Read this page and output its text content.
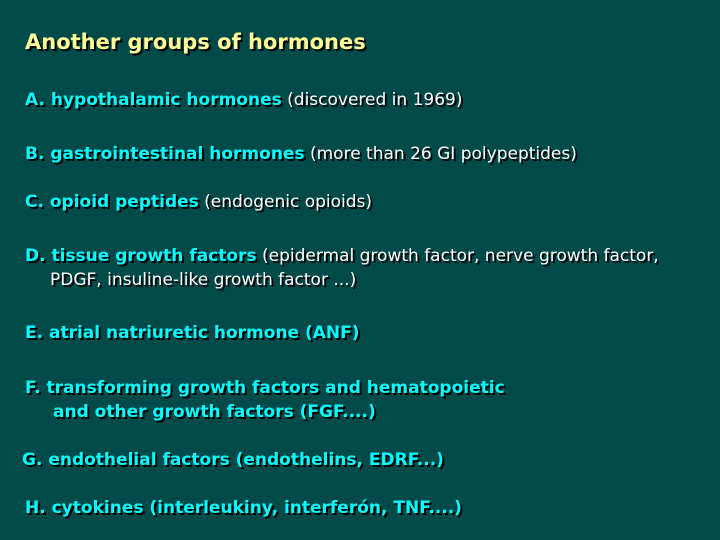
Another groups of hormones
A. hypothalamic hormones (discovered in 1969)
B. gastrointestinal hormones (more than 26 GI polypeptides)
C. opioid peptides (endogenic opioids)
D. tissue growth factors (epidermal growth factor, nerve growth factor,
PDGF, insuline-like growth factor ...)
E. atrial natriuretic hormone (ANF)
F. transforming growth factors and hematopoietic
and other growth factors (FGF....)
G. endothelial factors (endothelins, EDRF...)
H. cytokines (interleukiny, interferón, TNF....)
